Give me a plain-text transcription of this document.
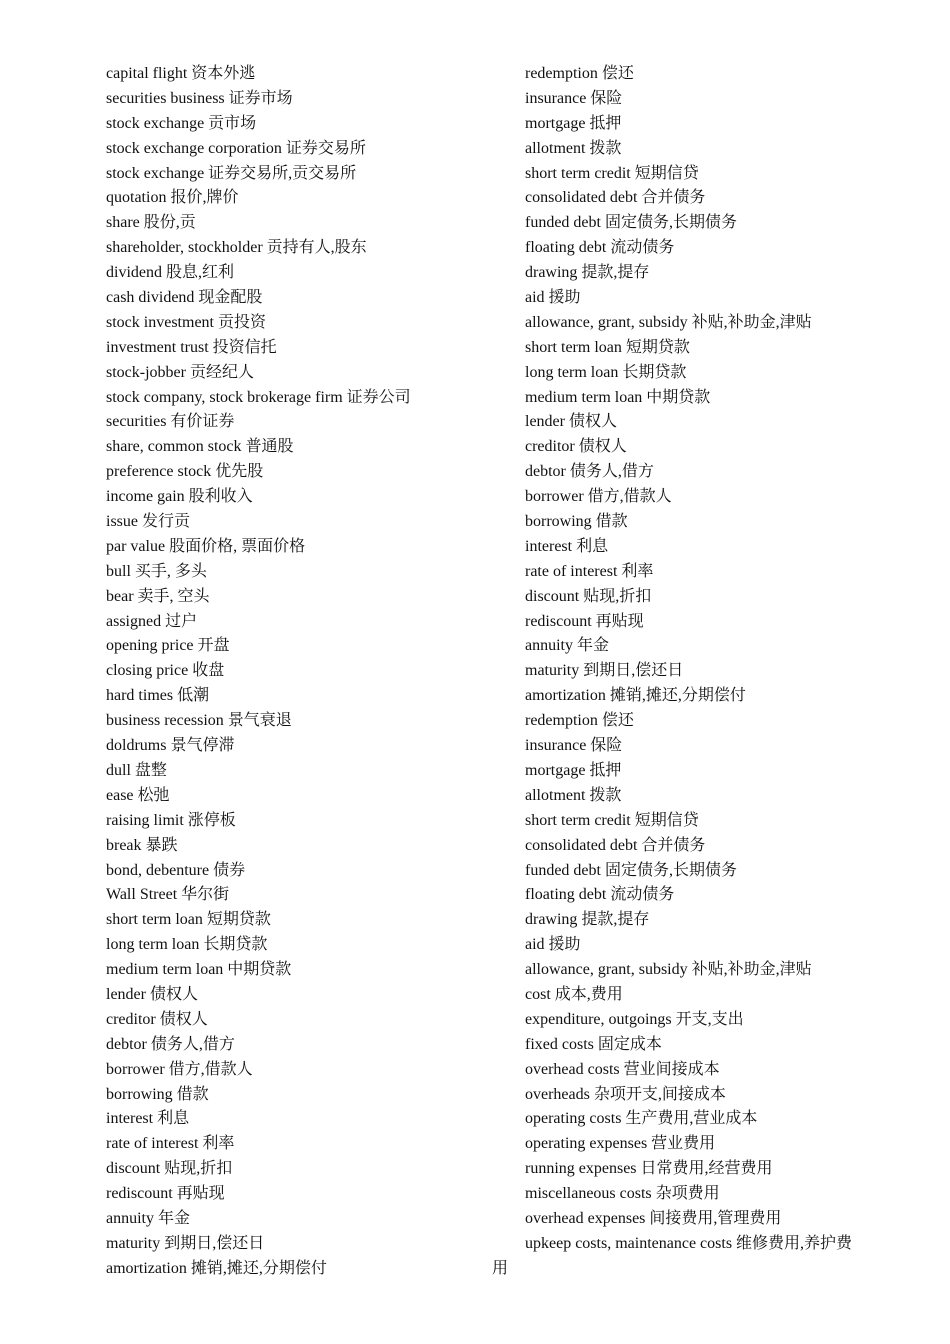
capital flight 资本外逃
securities business 证券市场
stock exchange 贡市场
stock exchange corporation 证券交易所
stock exchange 证券交易所,贡交易所
quotation 报价,牌价
share 股份,贡
shareholder, stockholder 贡持有人,股东
dividend 股息,红利
cash dividend 现金配股
stock investment 贡投资
investment trust 投资信托
stock-jobber 贡经纪人
stock company, stock brokerage firm 证券公司
securities 有价证券
share, common stock 普通股
preference stock 优先股
income gain 股利收入
issue 发行贡
par value 股面价格, 票面价格
bull 买手, 多头
bear 卖手, 空头
assigned 过户
opening price 开盘
closing price 收盘
hard times 低潮
business recession 景气衰退
doldrums 景气停滞
dull 盘整
ease 松弛
raising limit 涨停板
break 暴跌
bond, debenture 债券
Wall Street 华尔街
short term loan 短期贷款
long term loan 长期贷款
medium term loan 中期贷款
lender 债权人
creditor 债权人
debtor 债务人,借方
borrower 借方,借款人
borrowing 借款
interest 利息
rate of interest 利率
discount 贴现,折扣
rediscount 再贴现
annuity 年金
maturity 到期日,偿还日
amortization 摊销,摊还,分期偿付
redemption 偿还
insurance 保险
mortgage 抵押
allotment 拨款
short term credit 短期信贷
consolidated debt 合并债务
funded debt 固定债务,长期债务
floating debt 流动债务
drawing 提款,提存
aid 援助
allowance, grant, subsidy 补贴,补助金,津贴
short term loan 短期贷款
long term loan 长期贷款
medium term loan 中期贷款
lender 债权人
creditor 债权人
debtor 债务人,借方
borrower 借方,借款人
borrowing 借款
interest 利息
rate of interest 利率
discount 贴现,折扣
rediscount 再贴现
annuity 年金
maturity 到期日,偿还日
amortization 摊销,摊还,分期偿付
redemption 偿还
insurance 保险
mortgage 抵押
allotment 拨款
short term credit 短期信贷
consolidated debt 合并债务
funded debt 固定债务,长期债务
floating debt 流动债务
drawing 提款,提存
aid 援助
allowance, grant, subsidy 补贴,补助金,津贴
cost 成本,费用
expenditure, outgoings 开支,支出
fixed costs 固定成本
overhead costs 营业间接成本
overheads 杂项开支,间接成本
operating costs 生产费用,营业成本
operating expenses 营业费用
running expenses 日常费用,经营费用
miscellaneous costs 杂项费用
overhead expenses 间接费用,管理费用
upkeep costs, maintenance costs 维修费用,养护费
用
